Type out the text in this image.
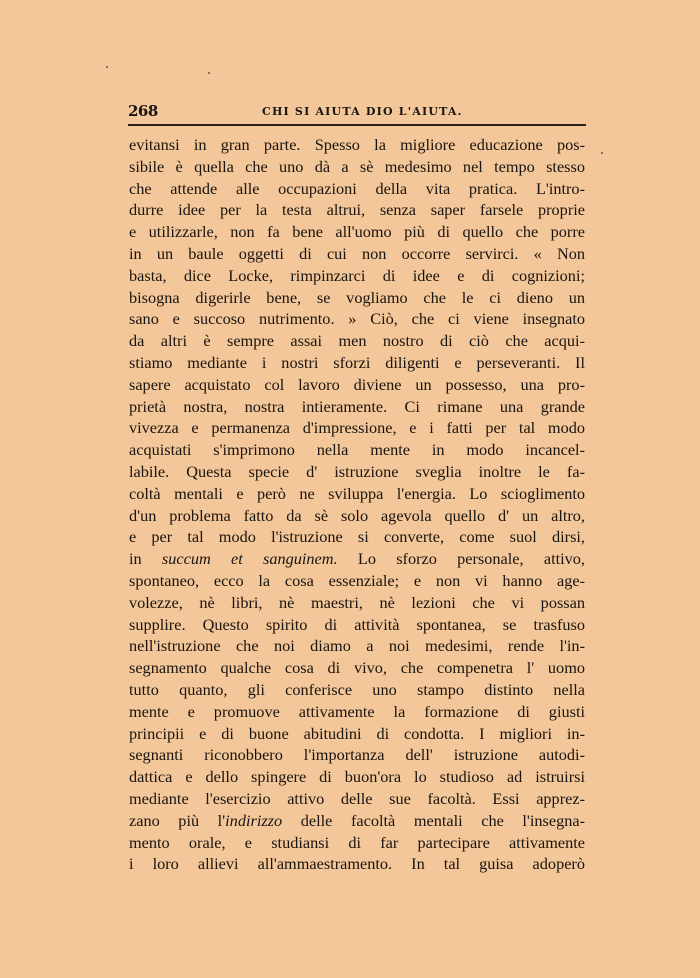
268	CHI SI AIUTA DIO L'AIUTA.
evitansi in gran parte. Spesso la migliore educazione pos-
sibile è quella che uno dà a sè medesimo nel tempo stesso
che attende alle occupazioni della vita pratica. L'intro-
durre idee per la testa altrui, senza saper farsele proprie
e utilizzarle, non fa bene all'uomo più di quello che porre
in un baule oggetti di cui non occorre servirci. « Non
basta, dice Locke, rimpinzarci di idee e di cognizioni;
bisogna digerirle bene, se vogliamo che le ci dieno un
sano e succoso nutrimento. » Ciò, che ci viene insegnato
da altri è sempre assai men nostro di ciò che acqui-
stiamo mediante i nostri sforzi diligenti e perseveranti. Il
sapere acquistato col lavoro diviene un possesso, una pro-
prietà nostra, nostra intieramente. Ci rimane una grande
vivezza e permanenza d'impressione, e i fatti per tal modo
acquistati s'imprimono nella mente in modo incancel-
labile. Questa specie d' istruzione sveglia inoltre le fa-
coltà mentali e però ne sviluppa l'energia. Lo scioglimento
d'un problema fatto da sè solo agevola quello d' un altro,
e per tal modo l'istruzione si converte, come suol dirsi,
in succum et sanguinem. Lo sforzo personale, attivo,
spontaneo, ecco la cosa essenziale; e non vi hanno age-
volezze, nè libri, nè maestri, nè lezioni che vi possan
supplire. Questo spirito di attività spontanea, se trasfuso
nell'istruzione che noi diamo a noi medesimi, rende l'in-
segnamento qualche cosa di vivo, che compenetra l' uomo
tutto quanto, gli conferisce uno stampo distinto nella
mente e promuove attivamente la formazione di giusti
principii e di buone abitudini di condotta. I migliori in-
segnanti riconobbero l'importanza dell' istruzione autodi-
dattica e dello spingere di buon'ora lo studioso ad istruirsi
mediante l'esercizio attivo delle sue facoltà. Essi apprez-
zano più l'indirizzo delle facoltà mentali che l'insegna-
mento orale, e studiansi di far partecipare attivamente
i loro allievi all'ammaestramento. In tal guisa adoperò
